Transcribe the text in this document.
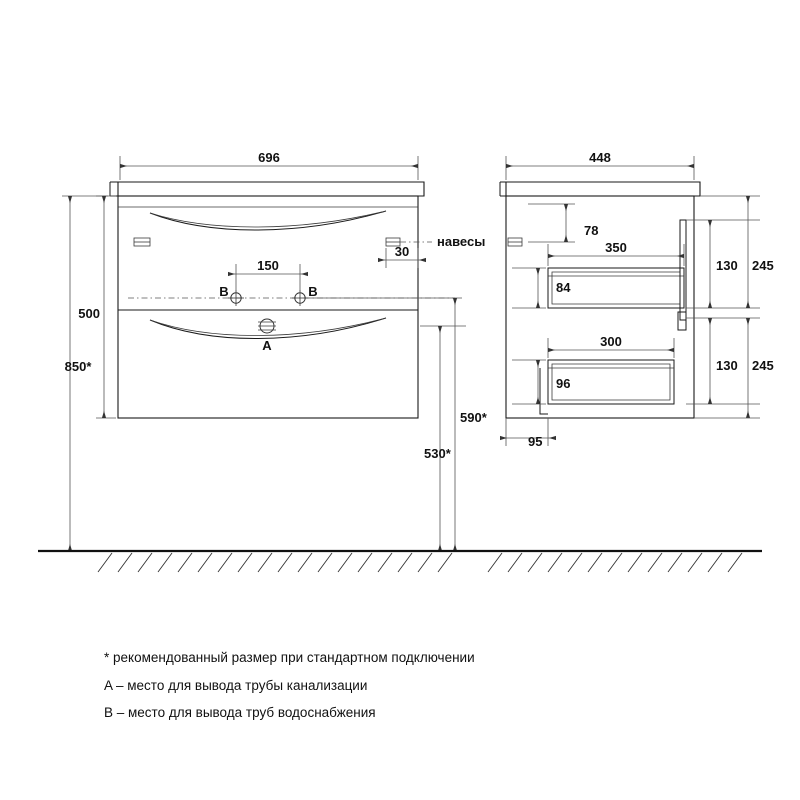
696	448
850*
500
150
30
590*
530*
78
350
84
130 245
300
96
130 245
95
B	B
A
навесы
* рекомендованный размер при стандартном подключении
A – место для вывода трубы канализации
B – место для вывода труб водоснабжения
